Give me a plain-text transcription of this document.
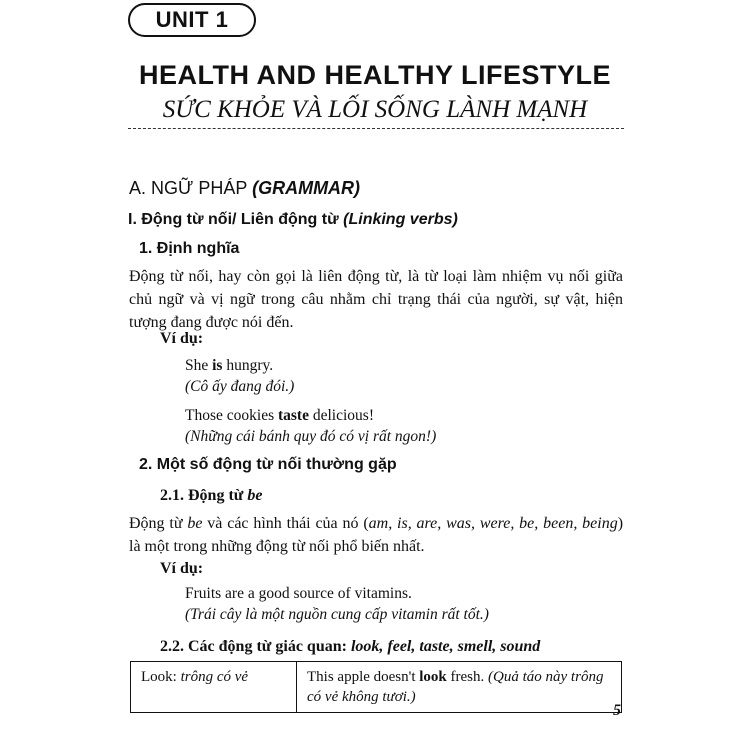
UNIT 1
HEALTH AND HEALTHY LIFESTYLE
SỨC KHỎE VÀ LỐI SỐNG LÀNH MẠNH
A. NGỮ PHÁP (GRAMMAR)
I. Động từ nối/ Liên động từ (Linking verbs)
1. Định nghĩa
Động từ nối, hay còn gọi là liên động từ, là từ loại làm nhiệm vụ nối giữa chủ ngữ và vị ngữ trong câu nhằm chỉ trạng thái của người, sự vật, hiện tượng đang được nói đến.
Ví dụ:
She is hungry.
(Cô ấy đang đói.)
Those cookies taste delicious!
(Những cái bánh quy đó có vị rất ngon!)
2. Một số động từ nối thường gặp
2.1. Động từ be
Động từ be và các hình thái của nó (am, is, are, was, were, be, been, being) là một trong những động từ nối phổ biến nhất.
Ví dụ:
Fruits are a good source of vitamins.
(Trái cây là một nguồn cung cấp vitamin rất tốt.)
2.2. Các động từ giác quan: look, feel, taste, smell, sound
Look: trông có vẻ	This apple doesn't look fresh. (Quả táo này trông có vẻ không tươi.)
5
